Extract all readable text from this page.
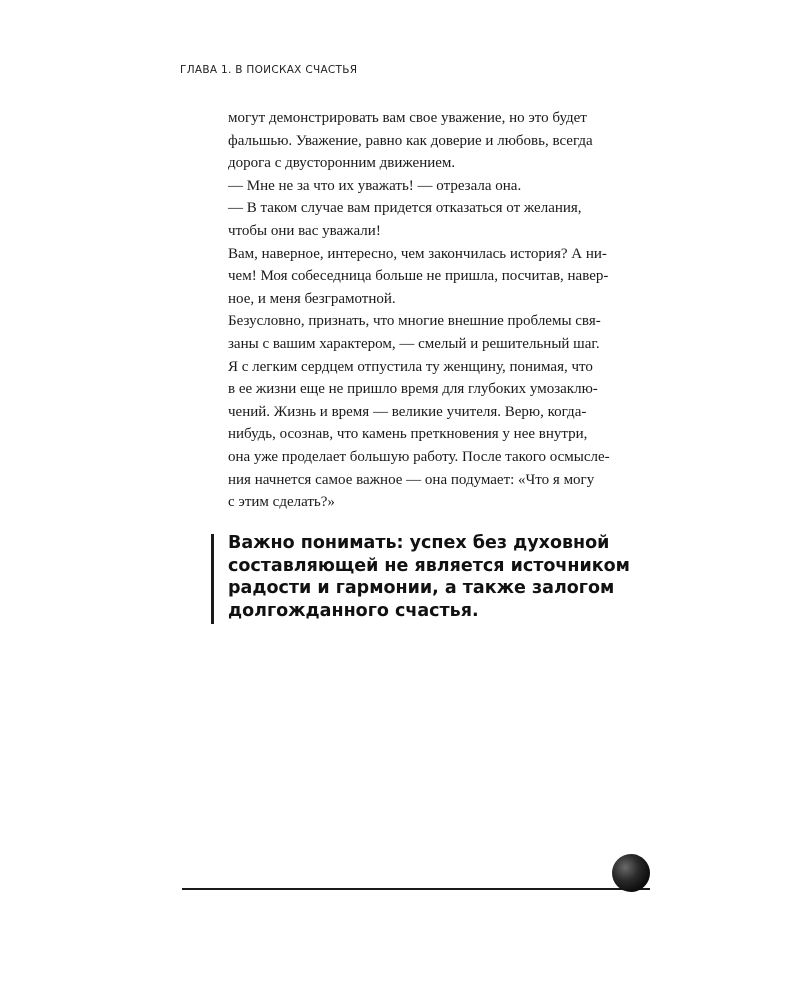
ГЛАВА 1. В ПОИСКАХ СЧАСТЬЯ
могут демонстрировать вам свое уважение, но это будет
фальшью. Уважение, равно как доверие и любовь, всегда
дорога с двусторонним движением.
— Мне не за что их уважать! — отрезала она.
— В таком случае вам придется отказаться от желания,
чтобы они вас уважали!
Вам, наверное, интересно, чем закончилась история? А ни-
чем! Моя собеседница больше не пришла, посчитав, навер-
ное, и меня безграмотной.
Безусловно, признать, что многие внешние проблемы свя-
заны с вашим характером, — смелый и решительный шаг.
Я с легким сердцем отпустила ту женщину, понимая, что
в ее жизни еще не пришло время для глубоких умозаклю-
чений. Жизнь и время — великие учителя. Верю, когда-
нибудь, осознав, что камень преткновения у нее внутри,
она уже проделает большую работу. После такого осмысле-
ния начнется самое важное — она подумает: «Что я могу
с этим сделать?»
Важно понимать: успех без духовной
составляющей не является источником
радости и гармонии, а также залогом
долгожданного счастья.
